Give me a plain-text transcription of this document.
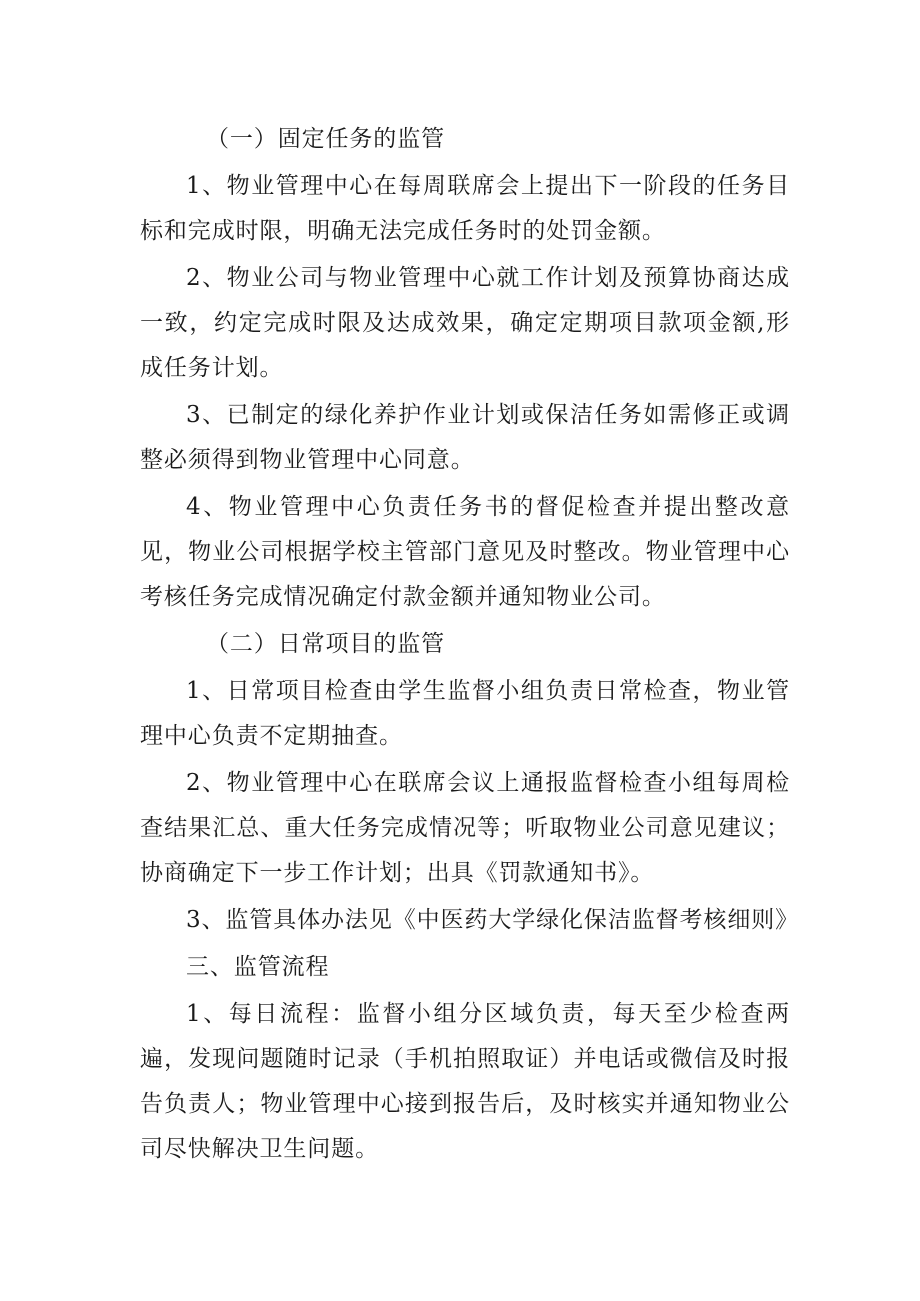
（一）固定任务的监管

1、物业管理中心在每周联席会上提出下一阶段的任务目标和完成时限，明确无法完成任务时的处罚金额。

2、物业公司与物业管理中心就工作计划及预算协商达成一致，约定完成时限及达成效果，确定定期项目款项金额,形成任务计划。

3、已制定的绿化养护作业计划或保洁任务如需修正或调整必须得到物业管理中心同意。

4、物业管理中心负责任务书的督促检查并提出整改意见，物业公司根据学校主管部门意见及时整改。物业管理中心考核任务完成情况确定付款金额并通知物业公司。

（二）日常项目的监管

1、日常项目检查由学生监督小组负责日常检查，物业管理中心负责不定期抽查。

2、物业管理中心在联席会议上通报监督检查小组每周检查结果汇总、重大任务完成情况等；听取物业公司意见建议；协商确定下一步工作计划；出具《罚款通知书》。

3、监管具体办法见《中医药大学绿化保洁监督考核细则》

三、监管流程

1、每日流程：监督小组分区域负责，每天至少检查两遍，发现问题随时记录（手机拍照取证）并电话或微信及时报告负责人；物业管理中心接到报告后，及时核实并通知物业公司尽快解决卫生问题。
